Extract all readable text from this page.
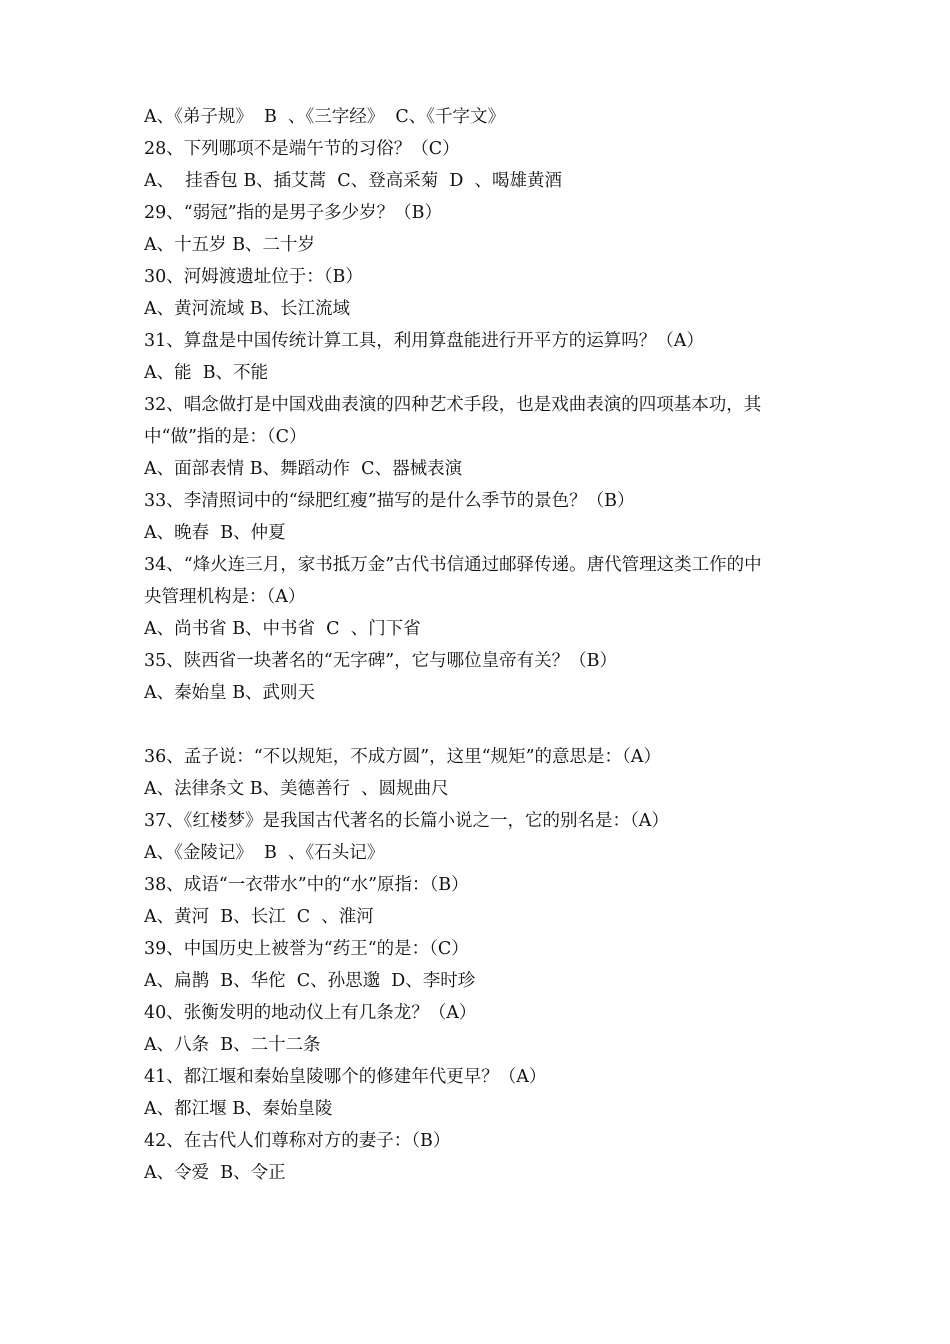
A、《弟子规》  B  、《三字经》  C、《千字文》
28、下列哪项不是端午节的习俗？（C）
A、  挂香包 B、插艾蒿  C、登高采菊  D  、喝雄黄酒
29、“弱冠”指的是男子多少岁？（B）
A、十五岁 B、二十岁
30、河姆渡遗址位于：（B）
A、黄河流域 B、长江流域
31、算盘是中国传统计算工具，利用算盘能进行开平方的运算吗？（A）
A、能  B、不能
32、唱念做打是中国戏曲表演的四种艺术手段，也是戏曲表演的四项基本功，其
中“做”指的是：（C）
A、面部表情 B、舞蹈动作  C、器械表演
33、李清照词中的“绿肥红瘦”描写的是什么季节的景色？（B）
A、晚春  B、仲夏
34、“烽火连三月，家书抵万金”古代书信通过邮驿传递。唐代管理这类工作的中
央管理机构是：（A）
A、尚书省 B、中书省  C  、门下省
35、陕西省一块著名的“无字碑”，它与哪位皇帝有关？（B）
A、秦始皇 B、武则天
36、孟子说：“不以规矩，不成方圆”，这里“规矩”的意思是：（A）
A、法律条文 B、美德善行  、圆规曲尺
37、《红楼梦》是我国古代著名的长篇小说之一，它的别名是：（A）
A、《金陵记》  B  、《石头记》
38、成语“一衣带水”中的“水”原指：（B）
A、黄河  B、长江  C  、淮河
39、中国历史上被誉为“药王“的是：（C）
A、扁鹊  B、华佗  C、孙思邈  D、李时珍
40、张衡发明的地动仪上有几条龙？（A）
A、八条  B、二十二条
41、都江堰和秦始皇陵哪个的修建年代更早？（A）
A、都江堰 B、秦始皇陵
42、在古代人们尊称对方的妻子：（B）
A、令爱  B、令正
